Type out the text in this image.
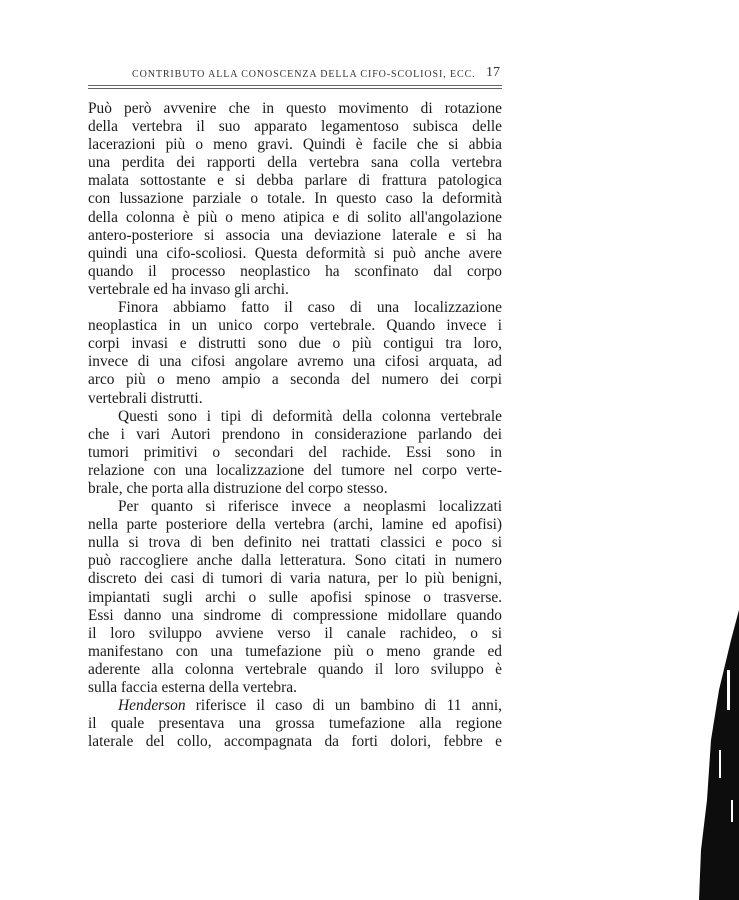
CONTRIBUTO ALLA CONOSCENZA DELLA CIFO-SCOLIOSI, ECC. 17
Può però avvenire che in questo movimento di rotazione
della vertebra il suo apparato legamentoso subisca delle
lacerazioni più o meno gravi. Quindi è facile che si abbia
una perdita dei rapporti della vertebra sana colla vertebra
malata sottostante e si debba parlare di frattura patologica
con lussazione parziale o totale. In questo caso la deformità
della colonna è più o meno atipica e di solito all'angolazione
antero-posteriore si associa una deviazione laterale e si ha
quindi una cifo-scoliosi. Questa deformità si può anche avere
quando il processo neoplastico ha sconfinato dal corpo
vertebrale ed ha invaso gli archi.
Finora abbiamo fatto il caso di una localizzazione
neoplastica in un unico corpo vertebrale. Quando invece i
corpi invasi e distrutti sono due o più contigui tra loro,
invece di una cifosi angolare avremo una cifosi arquata, ad
arco più o meno ampio a seconda del numero dei corpi
vertebrali distrutti.
Questi sono i tipi di deformità della colonna vertebrale
che i vari Autori prendono in considerazione parlando dei
tumori primitivi o secondari del rachide. Essi sono in
relazione con una localizzazione del tumore nel corpo verte-
brale, che porta alla distruzione del corpo stesso.
Per quanto si riferisce invece a neoplasmi localizzati
nella parte posteriore della vertebra (archi, lamine ed apofisi)
nulla si trova di ben definito nei trattati classici e poco si
può raccogliere anche dalla letteratura. Sono citati in numero
discreto dei casi di tumori di varia natura, per lo più benigni,
impiantati sugli archi o sulle apofisi spinose o trasverse.
Essi danno una sindrome di compressione midollare quando
il loro sviluppo avviene verso il canale rachideo, o si
manifestano con una tumefazione più o meno grande ed
aderente alla colonna vertebrale quando il loro sviluppo è
sulla faccia esterna della vertebra.
Henderson riferisce il caso di un bambino di 11 anni,
il quale presentava una grossa tumefazione alla regione
laterale del collo, accompagnata da forti dolori, febbre e
